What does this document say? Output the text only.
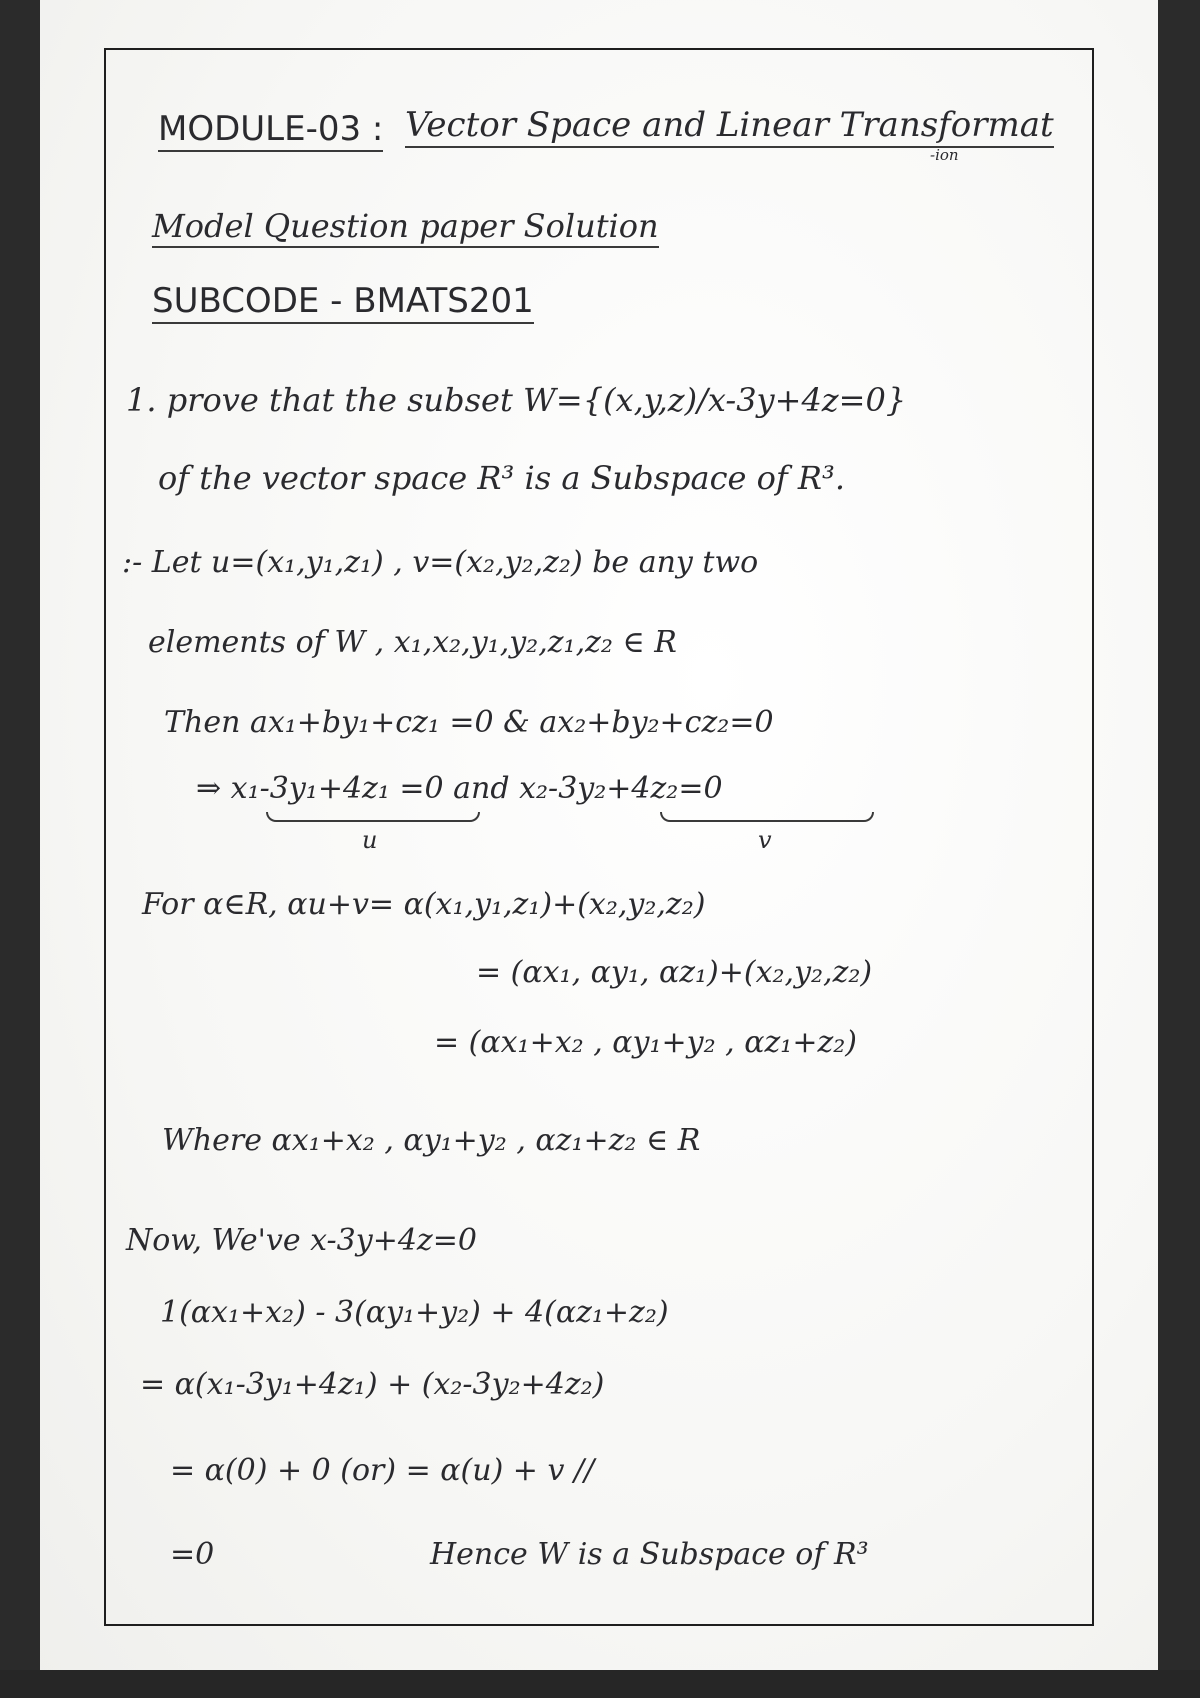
MODULE-03 : Vector Space and Linear Transformat
-ion
Model Question paper Solution
SUBCODE - BMATS201
1. prove that the subset W={(x,y,z)/x-3y+4z=0}
of the vector space R³ is a Subspace of R³.
:- Let u=(x₁,y₁,z₁) , v=(x₂,y₂,z₂) be any two
elements of W , x₁,x₂,y₁,y₂,z₁,z₂ ∈ R
Then ax₁+by₁+cz₁ =0 & ax₂+by₂+cz₂=0
⇒ x₁-3y₁+4z₁ =0 and x₂-3y₂+4z₂=0
u	v
For α∈R, αu+v= α(x₁,y₁,z₁)+(x₂,y₂,z₂)
= (αx₁, αy₁, αz₁)+(x₂,y₂,z₂)
= (αx₁+x₂ , αy₁+y₂ , αz₁+z₂)
Where αx₁+x₂ , αy₁+y₂ , αz₁+z₂ ∈ R
Now, We've x-3y+4z=0
1(αx₁+x₂) - 3(αy₁+y₂) + 4(αz₁+z₂)
= α(x₁-3y₁+4z₁) + (x₂-3y₂+4z₂)
= α(0) + 0 (or) = α(u) + v //
=0	Hence W is a Subspace of R³
